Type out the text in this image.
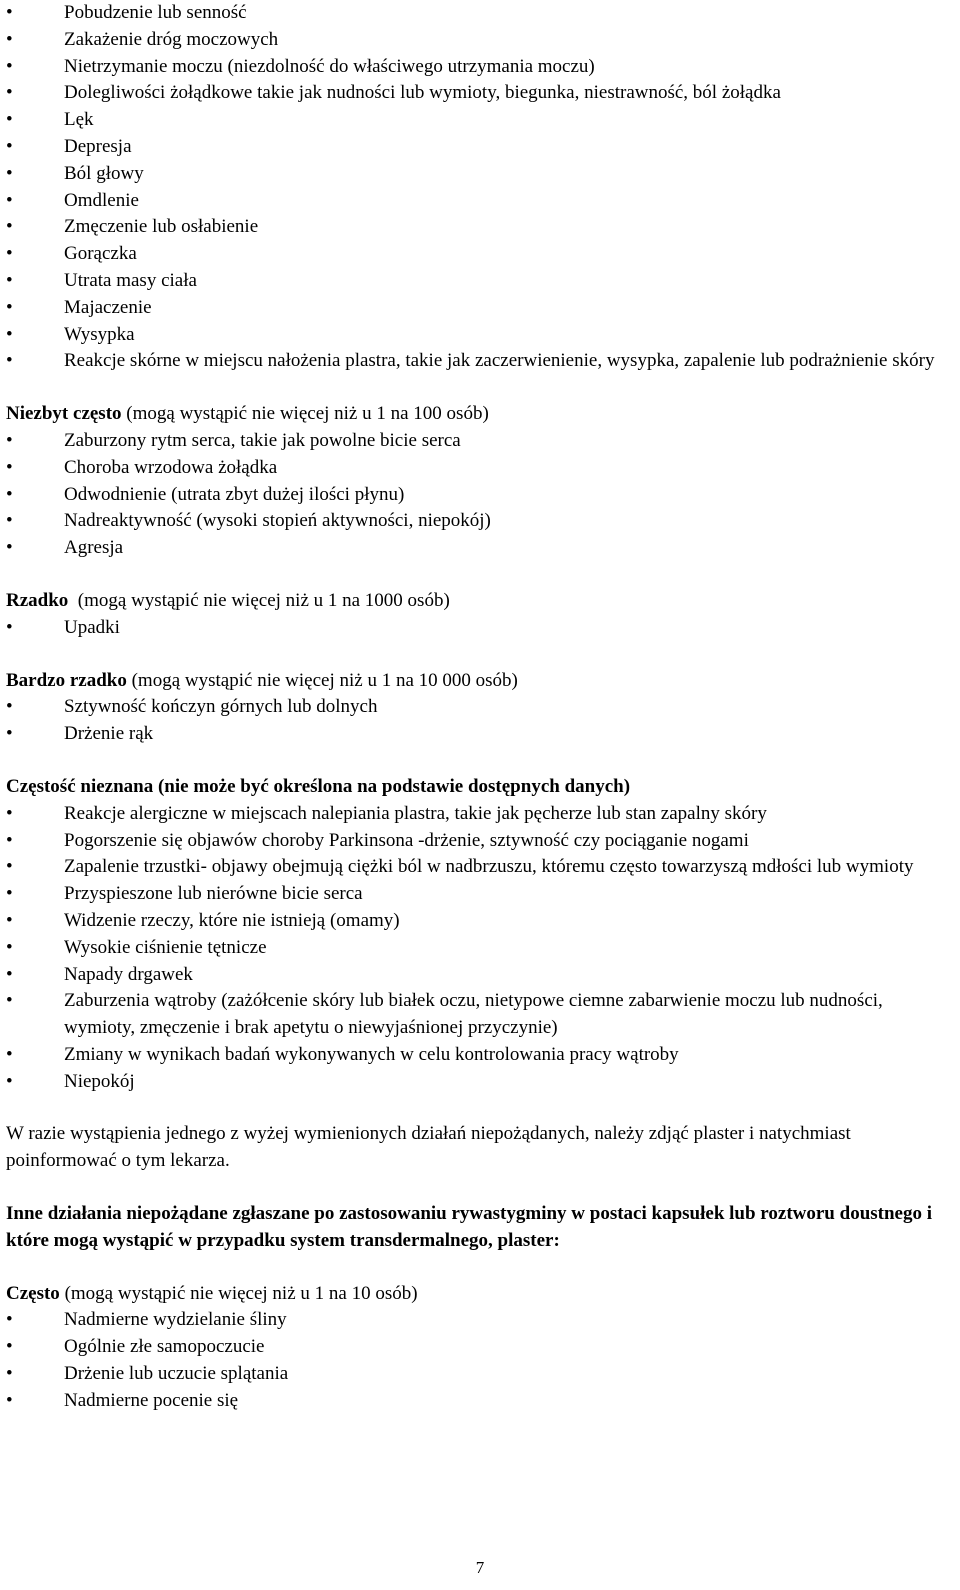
•	Pobudzenie lub senność
•	Zakażenie dróg moczowych
•	Nietrzymanie moczu (niezdolność do właściwego utrzymania moczu)
•	Dolegliwości żołądkowe takie jak nudności lub wymioty, biegunka, niestrawność, ból żołądka
•	Lęk
•	Depresja
•	Ból głowy
•	Omdlenie
•	Zmęczenie lub osłabienie
•	Gorączka
•	Utrata masy ciała
•	Majaczenie
•	Wysypka
•	Reakcje skórne w miejscu nałożenia plastra, takie jak zaczerwienienie, wysypka, zapalenie lub podrażnienie skóry
Niezbyt często (mogą wystąpić nie więcej niż u 1 na 100 osób)
•	Zaburzony rytm serca, takie jak powolne bicie serca
•	Choroba wrzodowa żołądka
•	Odwodnienie (utrata zbyt dużej ilości płynu)
•	Nadreaktywność (wysoki stopień aktywności, niepokój)
•	Agresja
Rzadko  (mogą wystąpić nie więcej niż u 1 na 1000 osób)
•	Upadki
Bardzo rzadko (mogą wystąpić nie więcej niż u 1 na 10 000 osób)
•	Sztywność kończyn górnych lub dolnych
•	Drżenie rąk
Częstość nieznana (nie może być określona na podstawie dostępnych danych)
•	Reakcje alergiczne w miejscach nalepiania plastra, takie jak pęcherze lub stan zapalny skóry
•	Pogorszenie się objawów choroby Parkinsona -drżenie, sztywność czy pociąganie nogami
•	Zapalenie trzustki- objawy obejmują ciężki ból w nadbrzuszu, któremu często towarzyszą mdłości lub wymioty
•	Przyspieszone lub nierówne bicie serca
•	Widzenie rzeczy, które nie istnieją (omamy)
•	Wysokie ciśnienie tętnicze
•	Napady drgawek
•	Zaburzenia wątroby (zażółcenie skóry lub białek oczu, nietypowe ciemne zabarwienie moczu lub nudności, wymioty, zmęczenie i brak apetytu o niewyjaśnionej przyczynie)
•	Zmiany w wynikach badań wykonywanych w celu kontrolowania pracy wątroby
•	Niepokój
W razie wystąpienia jednego z wyżej wymienionych działań niepożądanych, należy zdjąć plaster i natychmiast poinformować o tym lekarza.
Inne działania niepożądane zgłaszane po zastosowaniu rywastygminy w postaci kapsułek lub roztworu doustnego i które mogą wystąpić w przypadku system transdermalnego, plaster:
Często (mogą wystąpić nie więcej niż u 1 na 10 osób)
•	Nadmierne wydzielanie śliny
•	Ogólnie złe samopoczucie
•	Drżenie lub uczucie splątania
•	Nadmierne pocenie się
7
